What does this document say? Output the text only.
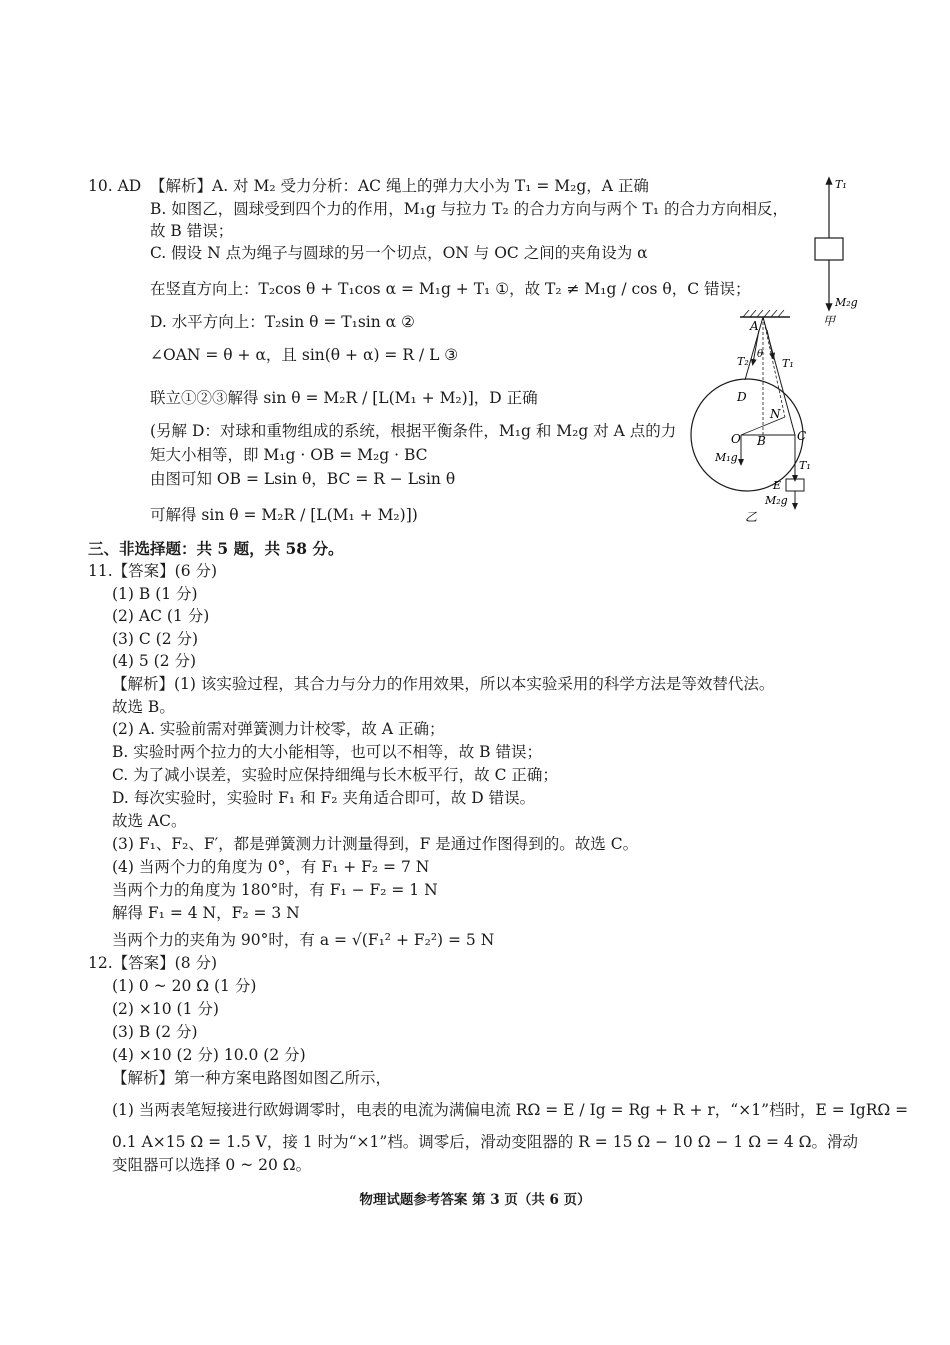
10. AD 【解析】A. 对 M₂ 受力分析：AC 绳上的弹力大小为 T₁ = M₂g，A 正确
B. 如图乙，圆球受到四个力的作用，M₁g 与拉力 T₂ 的合力方向与两个 T₁ 的合力方向相反，
故 B 错误；
C. 假设 N 点为绳子与圆球的另一个切点，ON 与 OC 之间的夹角设为 α
在竖直方向上：T₂cos θ + T₁cos α = M₁g + T₁ ①，故 T₂ ≠ M₁g / cos θ，C 错误；
D. 水平方向上：T₂sin θ = T₁sin α ②
∠OAN = θ + α，且 sin(θ + α) = R / L ③
联立①②③解得 sin θ = M₂R / [L(M₁ + M₂)]，D 正确
(另解 D：对球和重物组成的系统，根据平衡条件，M₁g 和 M₂g 对 A 点的力
矩大小相等，即 M₁g · OB = M₂g · BC
由图可知 OB = Lsin θ，BC = R − Lsin θ
可解得 sin θ = M₂R / [L(M₁ + M₂)])
三、非选择题：共 5 题，共 58 分。
11.【答案】(6 分)
(1) B (1 分)
(2) AC (1 分)
(3) C (2 分)
(4) 5 (2 分)
【解析】(1) 该实验过程，其合力与分力的作用效果，所以本实验采用的科学方法是等效替代法。
故选 B。
(2) A. 实验前需对弹簧测力计校零，故 A 正确；
B. 实验时两个拉力的大小能相等，也可以不相等，故 B 错误；
C. 为了减小误差，实验时应保持细绳与长木板平行，故 C 正确；
D. 每次实验时，实验时 F₁ 和 F₂ 夹角适合即可，故 D 错误。
故选 AC。
(3) F₁、F₂、F′，都是弹簧测力计测量得到，F 是通过作图得到的。故选 C。
(4) 当两个力的角度为 0°，有 F₁ + F₂ = 7 N
当两个力的角度为 180°时，有 F₁ − F₂ = 1 N
解得 F₁ = 4 N，F₂ = 3 N
当两个力的夹角为 90°时，有 a = √(F₁² + F₂²) = 5 N
12.【答案】(8 分)
(1) 0 ~ 20 Ω (1 分)
(2) ×10 (1 分)
(3) B (2 分)
(4) ×10 (2 分) 10.0 (2 分)
【解析】第一种方案电路图如图乙所示，
(1) 当两表笔短接进行欧姆调零时，电表的电流为满偏电流 RΩ = E / Ig = Rg + R + r，“×1”档时，E = IgRΩ =
0.1 A×15 Ω = 1.5 V，接 1 时为“×1”档。调零后，滑动变阻器的 R = 15 Ω − 10 Ω − 1 Ω = 4 Ω。滑动
变阻器可以选择 0 ~ 20 Ω。
物理试题参考答案 第 3 页（共 6 页）
T₁
M₂g
甲
A
θ
T₂	T₁
D
N
O B	C
M₁g
T₁
E
M₂g
乙
